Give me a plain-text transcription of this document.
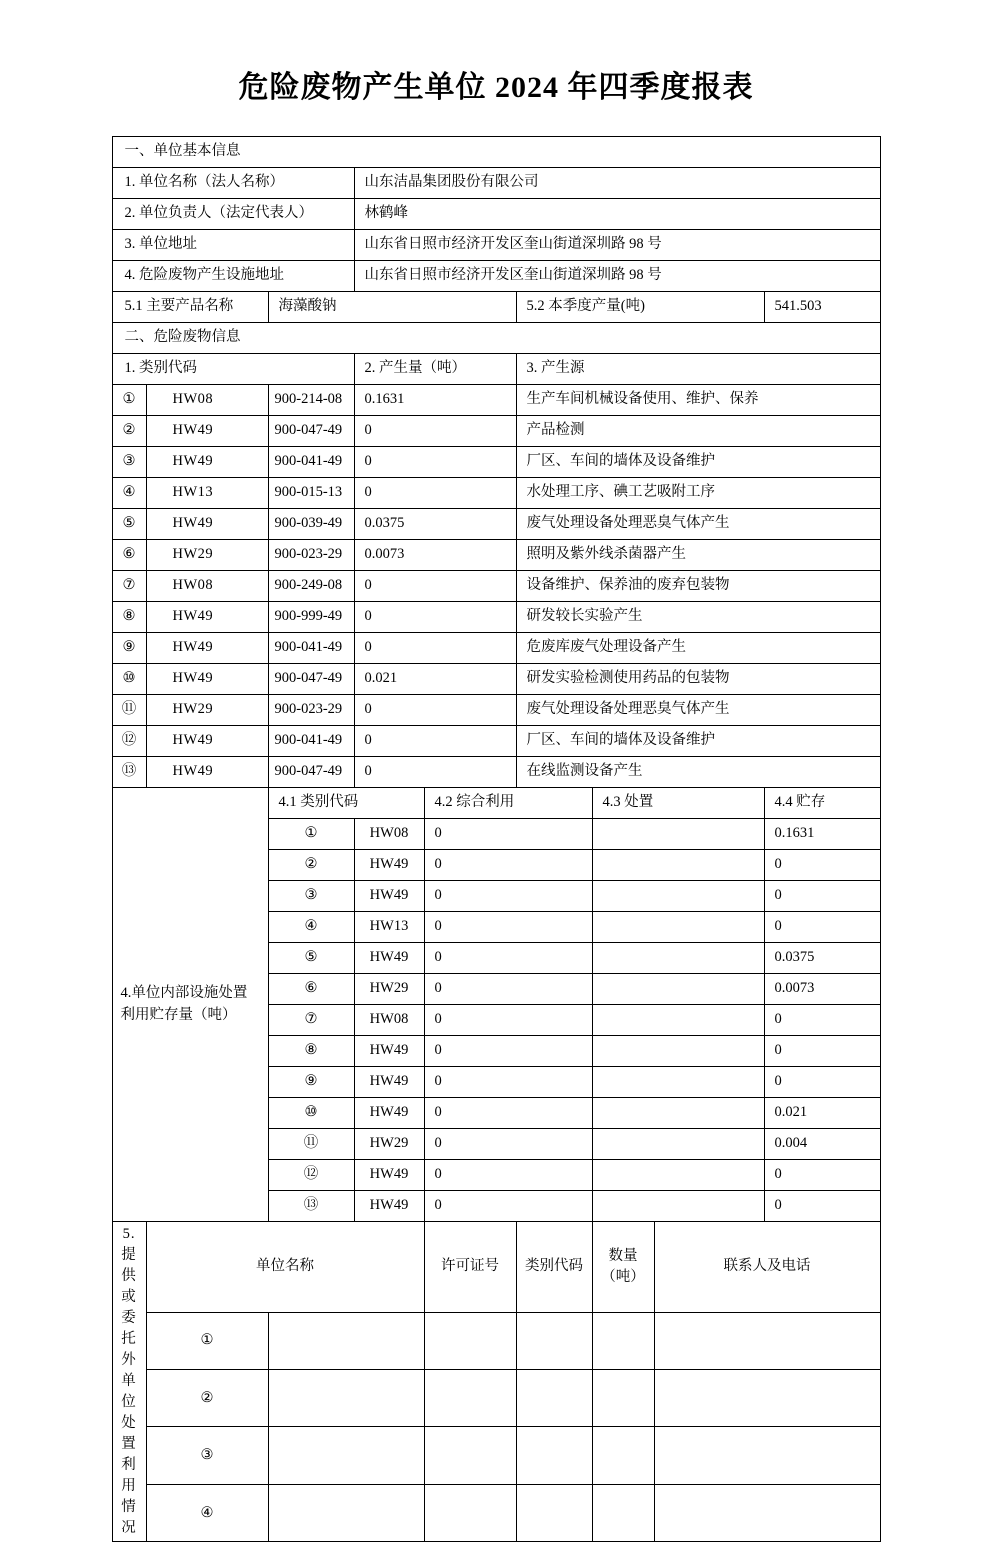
危险废物产生单位 2024 年四季度报表
一、单位基本信息								
1. 单位名称（法人名称）			山东洁晶集团股份有限公司					
2. 单位负责人（法定代表人）			林鹤峰					
3. 单位地址			山东省日照市经济开发区奎山街道深圳路 98 号					
4. 危险废物产生设施地址			山东省日照市经济开发区奎山街道深圳路 98 号					
5.1 主要产品名称		海藻酸钠			5.2 本季度产量(吨)			541.503
二、危险废物信息								
1. 类别代码			2. 产生量（吨）		3. 产生源			
①	HW08	900-214-08	0.1631		生产车间机械设备使用、维护、保养			
②	HW49	900-047-49	0		产品检测			
③	HW49	900-041-49	0		厂区、车间的墙体及设备维护			
④	HW13	900-015-13	0		水处理工序、碘工艺吸附工序			
⑤	HW49	900-039-49	0.0375		废气处理设备处理恶臭气体产生			
⑥	HW29	900-023-29	0.0073		照明及紫外线杀菌器产生			
⑦	HW08	900-249-08	0		设备维护、保养油的废弃包装物			
⑧	HW49	900-999-49	0		研发较长实验产生			
⑨	HW49	900-041-49	0		危废库废气处理设备产生			
⑩	HW49	900-047-49	0.021		研发实验检测使用药品的包装物			
⑪	HW29	900-023-29	0		废气处理设备处理恶臭气体产生			
⑫	HW49	900-041-49	0		厂区、车间的墙体及设备维护			
⑬	HW49	900-047-49	0		在线监测设备产生			
4.单位内部设施处置利用贮存量（吨）		4.1 类别代码		4.2 综合利用		4.3 处置		4.4 贮存
		①	HW08	0				0.1631
		②	HW49	0				0
		③	HW49	0				0
		④	HW13	0				0
		⑤	HW49	0				0.0375
		⑥	HW29	0				0.0073
		⑦	HW08	0				0
		⑧	HW49	0				0
		⑨	HW49	0				0
		⑩	HW49	0				0.021
		⑪	HW29	0				0.004
		⑫	HW49	0				0
		⑬	HW49	0				0
5. 提供或委托外单位处置利用情况	单位名称			许可证号	类别代码	数量（吨）	联系人及电话	
	①							
	②							
	③							
	④							
